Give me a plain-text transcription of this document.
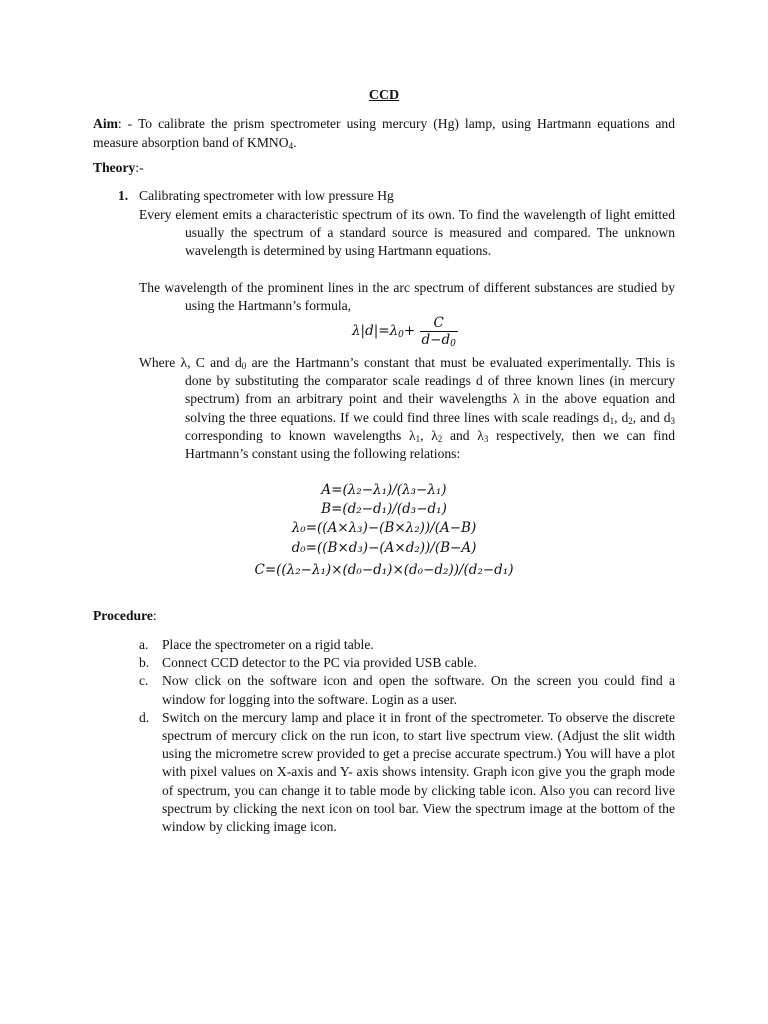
CCD
Aim: - To calibrate the prism spectrometer using mercury (Hg) lamp, using Hartmann equations and measure absorption band of $KMNO_4$.
Theory:-
1. Calibrating spectrometer with low pressure Hg
Every element emits a characteristic spectrum of its own. To find the wavelength of light emitted usually the spectrum of a standard source is measured and compared. The unknown wavelength is determined by using Hartmann equations.
The wavelength of the prominent lines in the arc spectrum of different substances are studied by using the Hartmann’s formula,
$\lambda|d|=\lambda_0+ \frac{C}{d-d_0}$
Where λ, C and $d_0$ are the Hartmann’s constant that must be evaluated experimentally. This is done by substituting the comparator scale readings d of three known lines (in mercury spectrum) from an arbitrary point and their wavelengths λ in the above equation and solving the three equations. If we could find three lines with scale readings $d_1$, $d_2$, and $d_3$ corresponding to known wavelengths $\lambda_1$, $\lambda_2$ and $\lambda_3$ respectively, then we can find Hartmann’s constant using the following relations:
A=(λ₂−λ₁)/(λ₃−λ₁)
B=(d₂−d₁)/(d₃−d₁)
λ₀=((A×λ₃)−(B×λ₂))/(A−B)
d₀=((B×d₃)−(A×d₂))/(B−A)
C=((λ₂−λ₁)×(d₀−d₁)×(d₀−d₂))/(d₂−d₁)
Procedure:
a. Place the spectrometer on a rigid table.
b. Connect CCD detector to the PC via provided USB cable.
c. Now click on the software icon and open the software. On the screen you could find a window for logging into the software. Login as a user.
d. Switch on the mercury lamp and place it in front of the spectrometer. To observe the discrete spectrum of mercury click on the run icon, to start live spectrum view. (Adjust the slit width using the micrometre screw provided to get a precise accurate spectrum.) You will have a plot with pixel values on X-axis and Y- axis shows intensity. Graph icon give you the graph mode of spectrum, you can change it to table mode by clicking table icon. Also you can record live spectrum by clicking the next icon on tool bar. View the spectrum image at the bottom of the window by clicking image icon.
